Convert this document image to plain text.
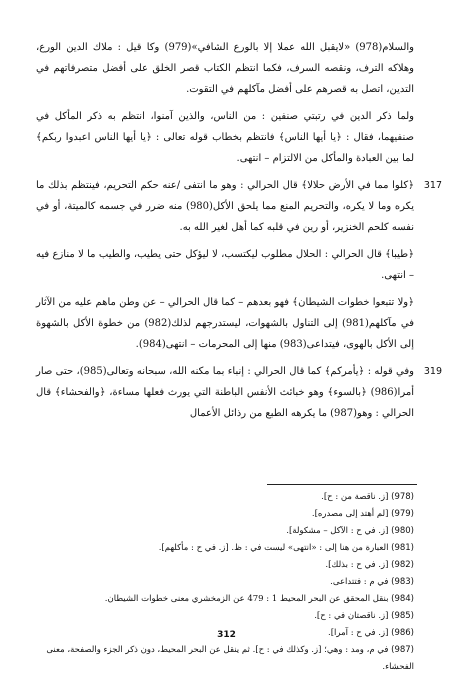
والسلام(978) «لايقبل الله عملا إلا بالورع الشافي»(979) وكا قيل : ملاك الدين الورع، وهلاكه الترف، ونقصه السرف، فكما انتظم الكتاب قصر الخلق على أفضل متصرفاتهم في التدين، اتصل به قصرهم على أفضل مآكلهم في التقوت.

ولما ذكر الدين في رتبتي صنفين : من الناس، والذين آمنوا، انتظم به ذكر المأكل في صنفيهما، فقال : ﴿يا أيها الناس﴾ فانتظم بخطاب قوله تعالى : ﴿يا أيها الناس اعبدوا ربكم﴾ لما بين العبادة والمأكل من الالتزام – انتهى.

317
﴿كلوا مما في الأرض حلالا﴾ قال الحرالي : وهو ما انتفى /عنه حكم التحريم، فينتظم بذلك ما يكره وما لا يكره، والتحريم المنع مما يلحق الأكل(980) منه ضرر في جسمه كالميتة، أو في نفسه كلحم الخنزير، أو رين في قلبه كما أهل لغير الله به.

﴿طيبا﴾ قال الحرالي : الحلال مطلوب ليكتسب، لا ليؤكل حتى يطيب، والطيب ما لا منازع فيه – انتهى.

﴿ولا تتبعوا خطوات الشيطان﴾ فهو بعدهم – كما قال الحرالي – عن وطن ماهم عليه من الآثار في مآكلهم(981) إلى التناول بالشهوات، ليستدرجهم لذلك(982) من خطوة الأكل بالشهوة إلى الأكل بالهوى، فيتداعى(983) منها إلى المحرمات – انتهى(984).

319
وفي قوله : ﴿يأمركم﴾ كما قال الحرالي : إنباء بما مكنه الله، سبحانه وتعالى(985)، حتى صار أمرا(986) ﴿بالسوء﴾ وهو خبائث الأنفس الباطنة التي يورث فعلها مساءة، ﴿والفحشاء﴾ قال الحرالي : وهو(987) ما يكرهه الطبع من رذائل الأعمال

(978) [ز. ناقصة من : ح].

(979) [لم أهتد إلى مصدره].

(980) [ز. في ح : الآكل – مشكولة].

(981) العبارة من هنا إلى : «انتهى» ليست في : ظ. [ز. في ح : مأكلهم].

(982) [ز. في ح : بذلك].

(983) في م : فتتداعى.

(984) بنقل المحقق عن البحر المحيط 1 : 479 عن الزمخشري معنى خطوات الشيطان.

(985) [ز. ناقصتان في : ح].

(986) [ز. في ح : آمرا].

(987) في م، ومد : وهي؛ [ز. وكذلك في : ح]. ثم ينقل عن البحر المحيط، دون ذكر الجزء والصفحة، معنى

الفحشاء.

312
